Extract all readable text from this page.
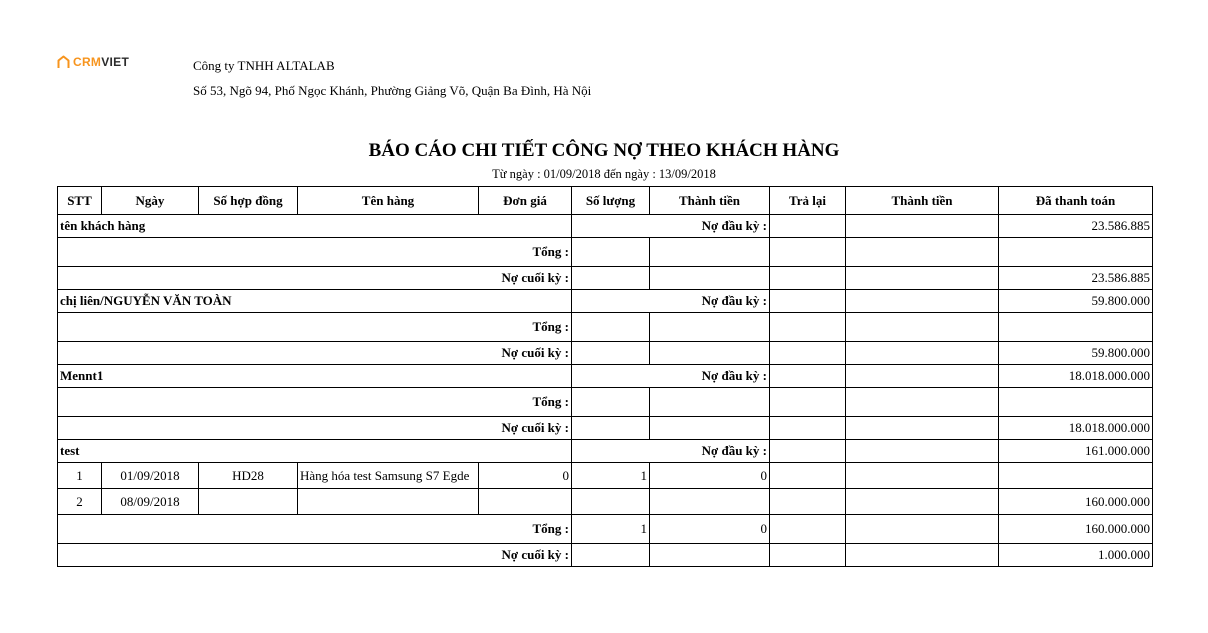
CRM VIET	Công ty TNHH ALTALAB
Số 53, Ngõ 94, Phố Ngọc Khánh, Phường Giảng Võ, Quận Ba Đình, Hà Nội
BÁO CÁO CHI TIẾT CÔNG NỢ THEO KHÁCH HÀNG
Từ ngày : 01/09/2018 đến ngày : 13/09/2018
STT	Ngày	Số hợp đồng	Tên hàng	Đơn giá	Số lượng	Thành tiền	Trả lại	Thành tiền	Đã thanh toán
tên khách hàng					Nợ đầu kỳ :				23.586.885
Tổng :									
Nợ cuối kỳ :									23.586.885
chị liên/NGUYỄN VĂN TOÀN					Nợ đầu kỳ :				59.800.000
Tổng :									
Nợ cuối kỳ :									59.800.000
Mennt1					Nợ đầu kỳ :				18.018.000.000
Tổng :									
Nợ cuối kỳ :									18.018.000.000
test					Nợ đầu kỳ :				161.000.000
1	01/09/2018	HD28	Hàng hóa test Samsung S7 Egde	0	1	0			
2	08/09/2018								160.000.000
Tổng :					1	0			160.000.000
Nợ cuối kỳ :									1.000.000
